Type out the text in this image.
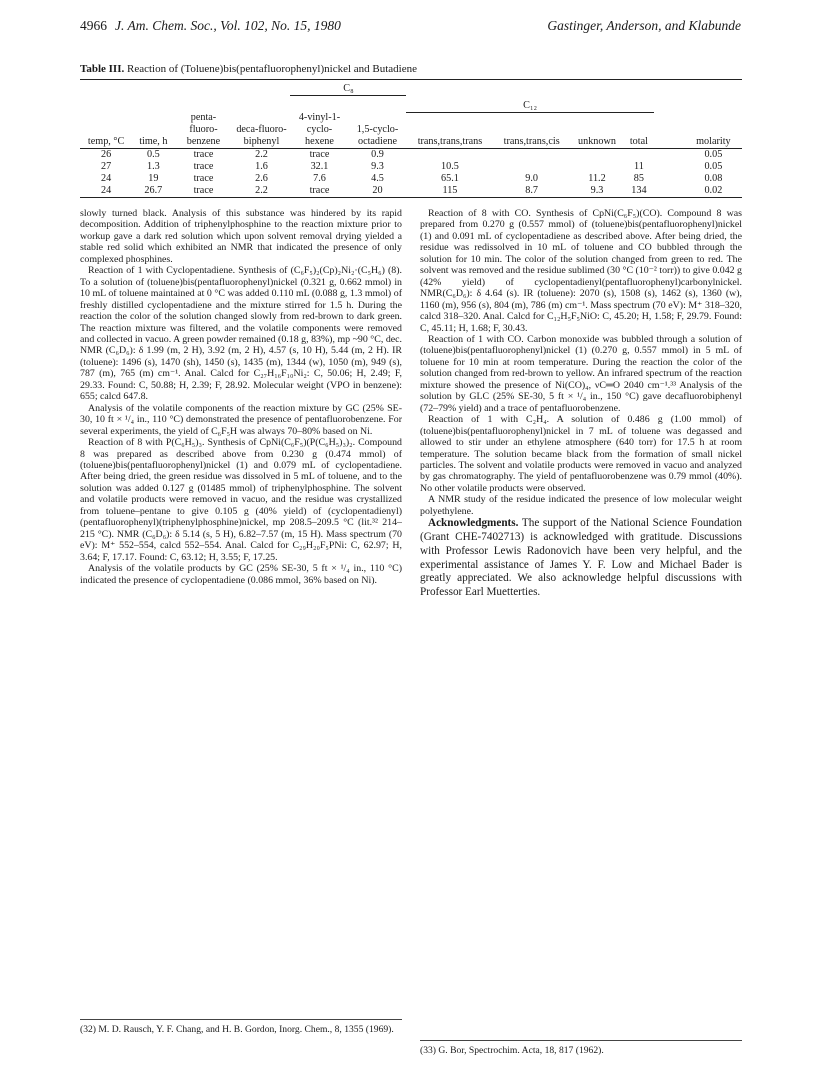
4966 J. Am. Chem. Soc., Vol. 102, No. 15, 1980	Gastinger, Anderson, and Klabunde
Table III. Reaction of (Toluene)bis(pentafluorophenyl)nickel and Butadiene
				C₈						
						C₁₂				
temp, °C	time, h	penta-fluoro-benzene	deca-fluoro-biphenyl	4-vinyl-1-cyclo-hexene	1,5-cyclo-octadiene	trans,trans,trans	trans,trans,cis	unknown	total	molarity
26	0.5	trace	2.2	trace	0.9					0.05
27	1.3	trace	1.6	32.1	9.3	10.5			11	0.05
24	19	trace	2.6	7.6	4.5	65.1	9.0	11.2	85	0.08
24	26.7	trace	2.2	trace	20	115	8.7	9.3	134	0.02

slowly turned black. Analysis of this substance was hindered by its rapid decomposition. Addition of triphenylphosphine to the reaction mixture prior to workup gave a dark red solution which upon solvent removal drying yielded a stable red solid which exhibited an NMR that indicated the presence of only complexed phosphines.

Reaction of 1 with Cyclopentadiene. Synthesis of (C₆F₅)₂(Cp)₂Ni₂·(C₅H₆) (8). To a solution of (toluene)bis(pentafluorophenyl)nickel (0.321 g, 0.662 mmol) in 10 mL of toluene maintained at 0 °C was added 0.110 mL (0.088 g, 1.3 mmol) of freshly distilled cyclopentadiene and the mixture stirred for 1.5 h. During the reaction the color of the solution changed slowly from red-brown to dark green. The reaction mixture was filtered, and the volatile components were removed and collected in vacuo. A green powder remained (0.18 g, 83%), mp ~90 °C, dec. NMR (C₆D₆): δ 1.99 (m, 2 H), 3.92 (m, 2 H), 4.57 (s, 10 H), 5.44 (m, 2 H). IR (toluene): 1496 (s), 1470 (sh), 1450 (s), 1435 (m), 1344 (w), 1050 (m), 949 (s), 787 (m), 765 (m) cm⁻¹. Anal. Calcd for C₂₇H₁₆F₁₀Ni₂: C, 50.06; H, 2.49; F, 29.33. Found: C, 50.88; H, 2.39; F, 28.92. Molecular weight (VPO in benzene): 655; calcd 647.8.

Analysis of the volatile components of the reaction mixture by GC (25% SE-30, 10 ft × ¹/₄ in., 110 °C) demonstrated the presence of pentafluorobenzene. For several experiments, the yield of C₆F₅H was always 70–80% based on Ni.

Reaction of 8 with P(C₆H₅)₃. Synthesis of CpNi(C₆F₅)(P(C₆H₅)₃)₂. Compound 8 was prepared as described above from 0.230 g (0.474 mmol) of (toluene)bis(pentafluorophenyl)nickel (1) and 0.079 mL of cyclopentadiene. After being dried, the green residue was dissolved in 5 mL of toluene, and to the solution was added 0.127 g (01485 mmol) of triphenylphosphine. The solvent and volatile products were removed in vacuo, and the residue was crystallized from toluene–pentane to give 0.105 g (40% yield) of (cyclopentadienyl)(pentafluorophenyl)(triphenylphosphine)nickel, mp 208.5–209.5 °C (lit.³² 214–215 °C). NMR (C₆D₆): δ 5.14 (s, 5 H), 6.82–7.57 (m, 15 H). Mass spectrum (70 eV): M⁺ 552–554, calcd 552–554. Anal. Calcd for C₂₉H₂₀F₅PNi: C, 62.97; H, 3.64; F, 17.17. Found: C, 63.12; H, 3.55; F, 17.25.

Analysis of the volatile products by GC (25% SE-30, 5 ft × ¹/₄ in., 110 °C) indicated the presence of cyclopentadiene (0.086 mmol, 36% based on Ni).

Reaction of 8 with CO. Synthesis of CpNi(C₆F₅)(CO). Compound 8 was prepared from 0.270 g (0.557 mmol) of (toluene)bis(pentafluorophenyl)nickel (1) and 0.091 mL of cyclopentadiene as described above. After being dried, the residue was redissolved in 10 mL of toluene and CO bubbled through the solution for 10 min. The color of the solution changed from green to red. The solvent was removed and the residue sublimed (30 °C (10⁻² torr)) to give 0.042 g (42% yield) of cyclopentadienyl(pentafluorophenyl)carbonylnickel. NMR(C₆D₆): δ 4.64 (s). IR (toluene): 2070 (s), 1508 (s), 1462 (s), 1360 (w), 1160 (m), 956 (s), 804 (m), 786 (m) cm⁻¹. Mass spectrum (70 eV): M⁺ 318–320, calcd 318–320. Anal. Calcd for C₁₂H₅F₅NiO: C, 45.20; H, 1.58; F, 29.79. Found: C, 45.11; H, 1.68; F, 30.43.

Reaction of 1 with CO. Carbon monoxide was bubbled through a solution of (toluene)bis(pentafluorophenyl)nickel (1) (0.270 g, 0.557 mmol) in 5 mL of toluene for 10 min at room temperature. During the reaction the color of the solution changed from red-brown to yellow. An infrared spectrum of the reaction mixture showed the presence of Ni(CO)₄, νC═O 2040 cm⁻¹.³³ Analysis of the solution by GLC (25% SE-30, 5 ft × ¹/₄ in., 150 °C) gave decafluorobiphenyl (72–79% yield) and a trace of pentafluorobenzene.

Reaction of 1 with C₂H₄. A solution of 0.486 g (1.00 mmol) of (toluene)bis(pentafluorophenyl)nickel in 7 mL of toluene was degassed and allowed to stir under an ethylene atmosphere (640 torr) for 17.5 h at room temperature. The solution became black from the formation of small nickel particles. The solvent and volatile products were removed in vacuo and analyzed by gas chromatography. The yield of pentafluorobenzene was 0.79 mmol (40%). No other volatile products were observed.

A NMR study of the residue indicated the presence of low molecular weight polyethylene.

Acknowledgments. The support of the National Science Foundation (Grant CHE-7402713) is acknowledged with gratitude. Discussions with Professor Lewis Radonovich have been very helpful, and the experimental assistance of James Y. F. Low and Michael Bader is greatly appreciated. We also acknowledge helpful discussions with Professor Earl Muetterties.

(32) M. D. Rausch, Y. F. Chang, and H. B. Gordon, Inorg. Chem., 8, 1355 (1969).
(33) G. Bor, Spectrochim. Acta, 18, 817 (1962).
